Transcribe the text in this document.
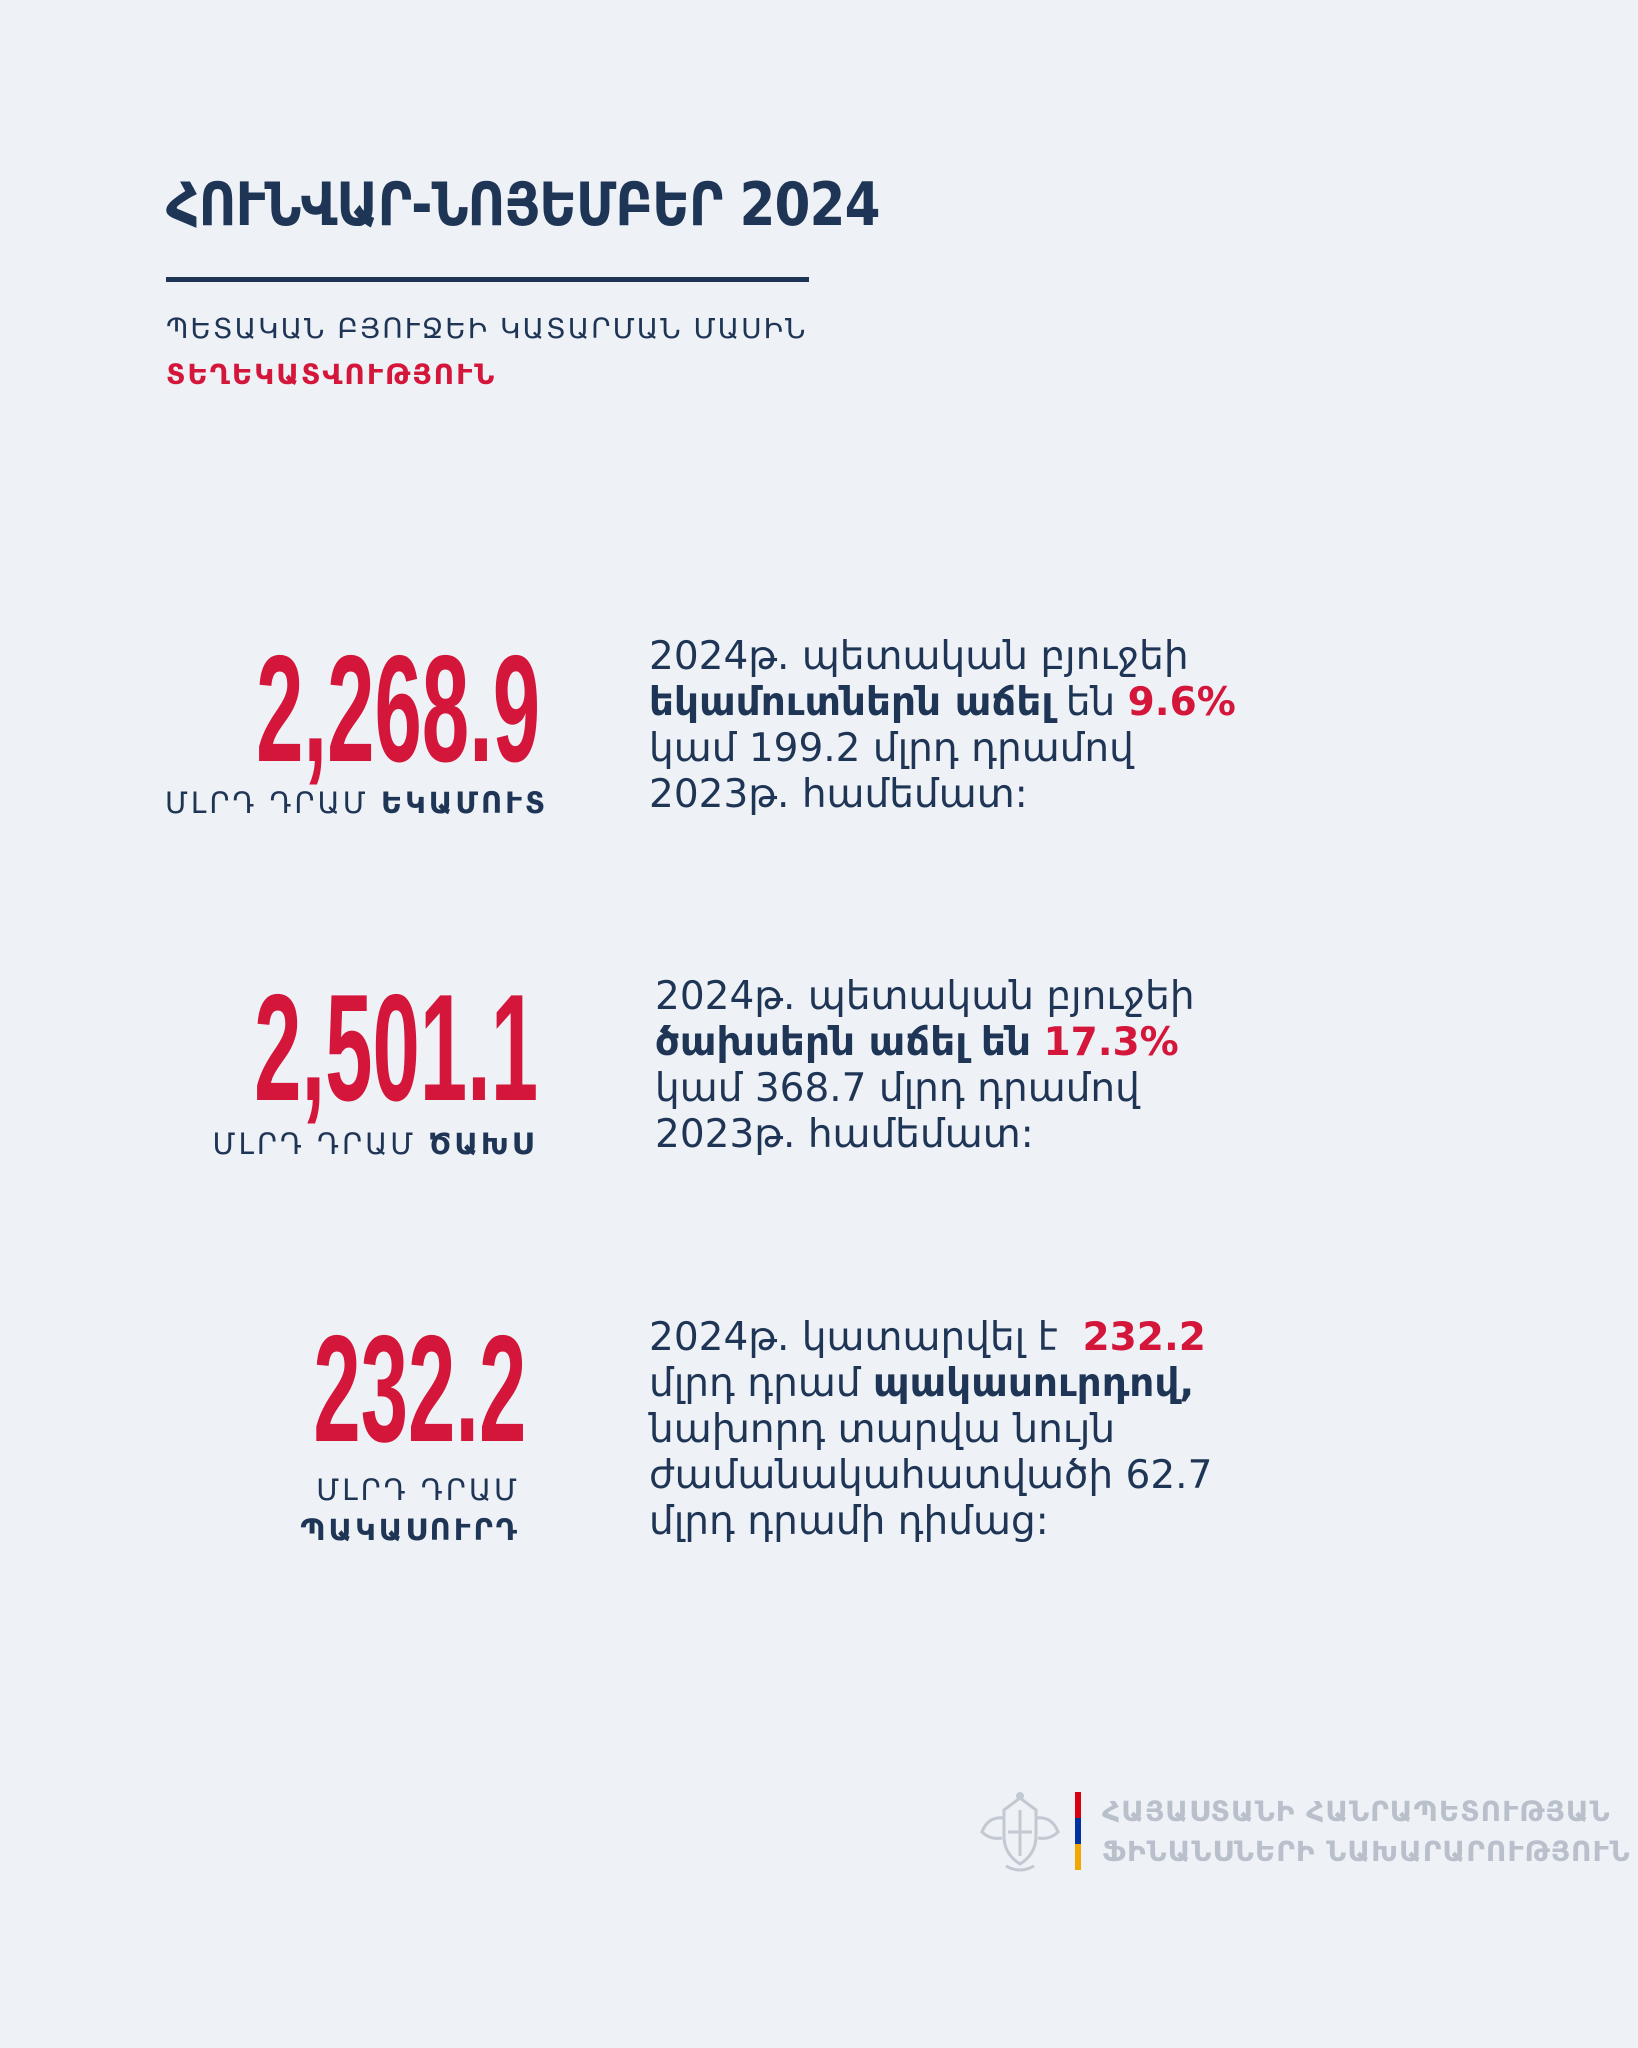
ՀՈՒՆՎԱՐ-ՆՈՅԵՄԲԵՐ 2024
ՊԵՏԱԿԱՆ ԲՅՈՒՋԵԻ ԿԱՏԱՐՄԱՆ ՄԱՍԻՆ
ՏԵՂԵԿԱՏՎՈՒԹՅՈՒՆ
2,268.9
ՄԼՐԴ ԴՐԱՄ ԵԿԱՄՈՒՏ
2024թ. պետական բյուջեի
եկամուտներն աճել են 9.6%
կամ 199.2 մլրդ դրամով
2023թ. համեմատ:
2,501.1
ՄԼՐԴ ԴՐԱՄ ԾԱԽՍ
2024թ. պետական բյուջեի
ծախսերն աճել են 17.3%
կամ 368.7 մլրդ դրամով
2023թ. համեմատ:
232.2
ՄԼՐԴ ԴՐԱՄ
ՊԱԿԱՍՈՒՐԴ
2024թ. կատարվել է  232.2
մլրդ դրամ պակասուրդով,
նախորդ տարվա նույն
ժամանակահատվածի 62.7
մլրդ դրամի դիմաց:
ՀԱՅԱՍՏԱՆԻ ՀԱՆՐԱՊԵՏՈՒԹՅԱՆ
ՖԻՆԱՆՍՆԵՐԻ ՆԱԽԱՐԱՐՈՒԹՅՈՒՆ
